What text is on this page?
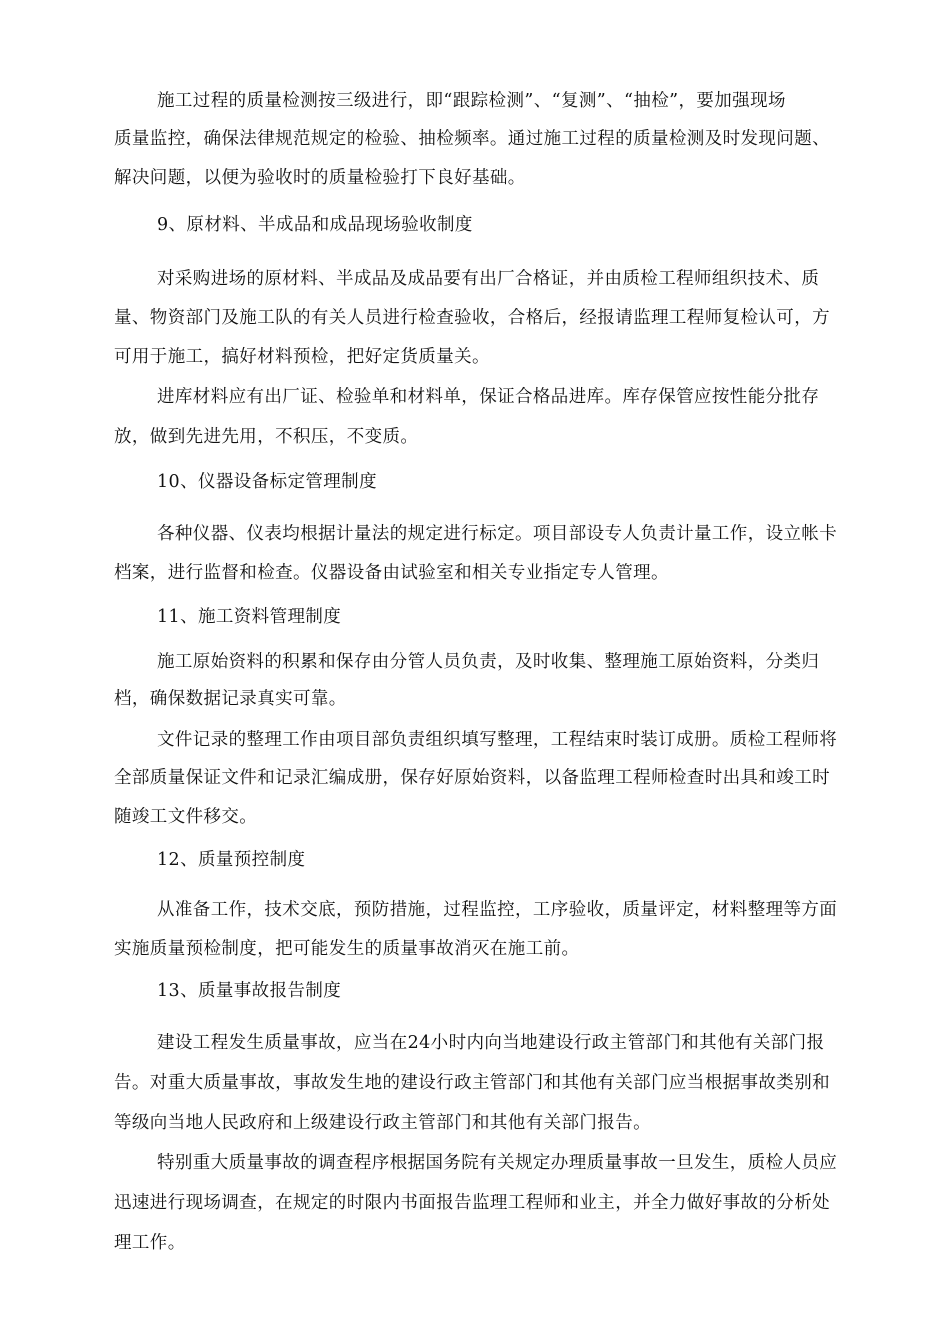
施工过程的质量检测按三级进行，即“跟踪检测”、“复测”、“抽检”，要加强现场
质量监控，确保法律规范规定的检验、抽检频率。通过施工过程的质量检测及时发现问题、
解决问题，以便为验收时的质量检验打下良好基础。
9、原材料、半成品和成品现场验收制度
对采购进场的原材料、半成品及成品要有出厂合格证，并由质检工程师组织技术、质
量、物资部门及施工队的有关人员进行检查验收，合格后，经报请监理工程师复检认可，方
可用于施工，搞好材料预检，把好定货质量关。
进库材料应有出厂证、检验单和材料单，保证合格品进库。库存保管应按性能分批存
放，做到先进先用，不积压，不变质。
10、仪器设备标定管理制度
各种仪器、仪表均根据计量法的规定进行标定。项目部设专人负责计量工作，设立帐卡
档案，进行监督和检查。仪器设备由试验室和相关专业指定专人管理。
11、施工资料管理制度
施工原始资料的积累和保存由分管人员负责，及时收集、整理施工原始资料，分类归
档，确保数据记录真实可靠。
文件记录的整理工作由项目部负责组织填写整理，工程结束时装订成册。质检工程师将
全部质量保证文件和记录汇编成册，保存好原始资料，以备监理工程师检查时出具和竣工时
随竣工文件移交。
12、质量预控制度
从准备工作，技术交底，预防措施，过程监控，工序验收，质量评定，材料整理等方面
实施质量预检制度，把可能发生的质量事故消灭在施工前。
13、质量事故报告制度
建设工程发生质量事故，应当在24小时内向当地建设行政主管部门和其他有关部门报
告。对重大质量事故，事故发生地的建设行政主管部门和其他有关部门应当根据事故类别和
等级向当地人民政府和上级建设行政主管部门和其他有关部门报告。
特别重大质量事故的调查程序根据国务院有关规定办理质量事故一旦发生，质检人员应
迅速进行现场调查，在规定的时限内书面报告监理工程师和业主，并全力做好事故的分析处
理工作。
